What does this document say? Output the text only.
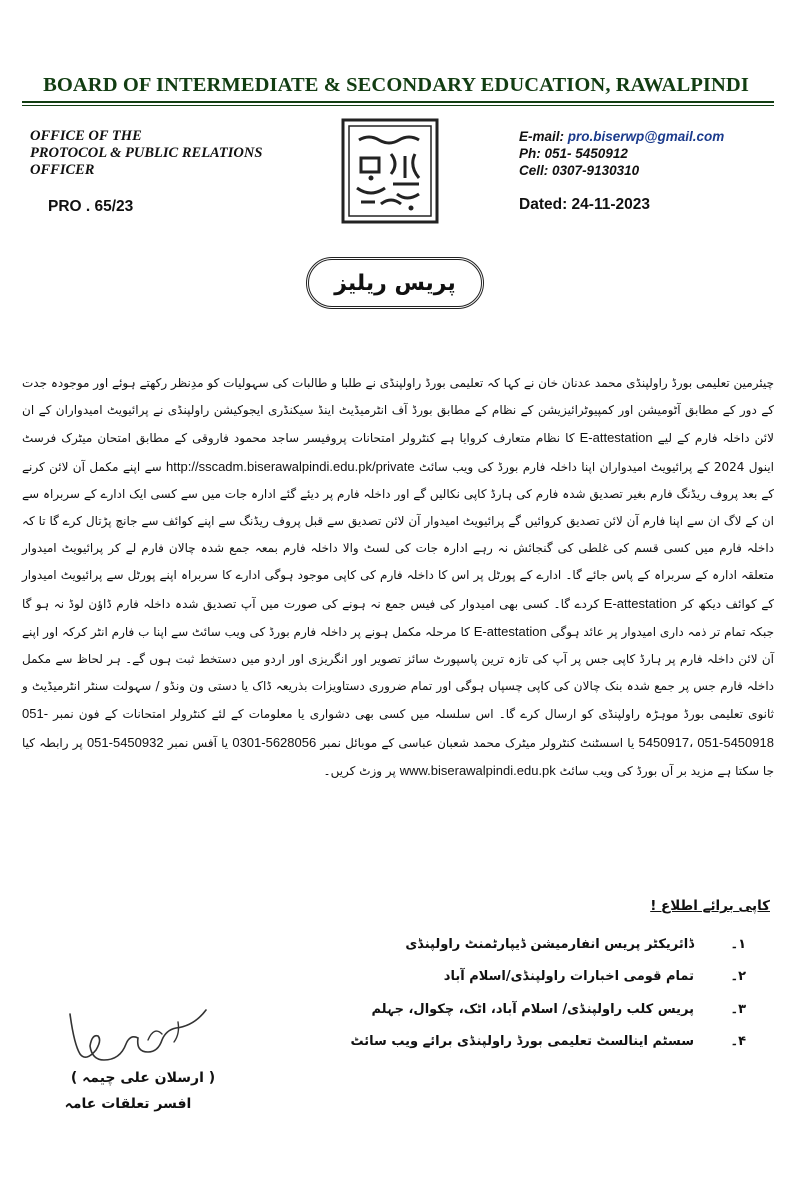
BOARD OF INTERMEDIATE & SECONDARY EDUCATION, RAWALPINDI
OFFICE OF THE
PROTOCOL & PUBLIC RELATIONS
OFFICER
PRO . 65/23
E-mail: pro.biserwp@gmail.com
Ph: 051- 5450912
Cell: 0307-9130310
Dated: 24-11-2023
پریس ریلیز
چیئرمین تعلیمی بورڈ راولپنڈی محمد عدنان خان نے کہا کہ تعلیمی بورڈ راولپنڈی نے طلبا و طالبات کی سہولیات کو مدِنظر رکھتے ہوئے اور موجودہ جدت کے دور کے مطابق آٹومیشن اور کمپیوٹرائیزیشن کے نظام کے مطابق بورڈ آف انٹرمیڈیٹ اینڈ سیکنڈری ایجوکیشن راولپنڈی نے پرائیویٹ امیدواران کے ان لائن داخلہ فارم کے لیے E-attestation کا نظام متعارف کروایا ہے کنٹرولر امتحانات پروفیسر ساجد محمود فاروقی کے مطابق امتحان میٹرک فرسٹ اینول 2024 کے پرائیویٹ امیدواران اپنا داخلہ فارم بورڈ کی ویب سائٹ http://sscadm.biserawalpindi.edu.pk/private سے اپنے مکمل آن لائن کرنے کے بعد پروف ریڈنگ فارم بغیر تصدیق شدہ فارم کی ہارڈ کاپی نکالیں گے اور داخلہ فارم پر دیئے گئے ادارہ جات میں سے کسی ایک ادارے کے سربراہ سے ان کے لاگ ان سے اپنا فارم آن لائن تصدیق کروائیں گے پرائیویٹ امیدوار آن لائن تصدیق سے قبل پروف ریڈنگ سے اپنے کوائف سے جانچ پڑتال کرے گا تا کہ داخلہ فارم میں کسی قسم کی غلطی کی گنجائش نہ رہے ادارہ جات کی لسٹ والا داخلہ فارم بمعہ جمع شدہ چالان فارم لے کر پرائیویٹ امیدوار متعلقہ ادارہ کے سربراہ کے پاس جائے گا۔ ادارے کے پورٹل پر اس کا داخلہ فارم کی کاپی موجود ہوگی ادارے کا سربراہ اپنے پورٹل سے پرائیویٹ امیدوار کے کوائف دیکھ کر E-attestation کردے گا۔ کسی بھی امیدوار کی فیس جمع نہ ہونے کی صورت میں آپ تصدیق شدہ داخلہ فارم ڈاؤن لوڈ نہ ہو گا جبکہ تمام تر ذمہ داری امیدوار پر عائد ہوگی E-attestation کا مرحلہ مکمل ہونے پر داخلہ فارم بورڈ کی ویب سائٹ سے اپنا ب فارم انٹر کرکہ اور اپنے آن لائن داخلہ فارم پر ہارڈ کاپی جس پر آپ کی تازہ ترین پاسپورٹ سائز تصویر اور انگریزی اور اردو میں دستخط ثبت ہوں گے۔ ہر لحاظ سے مکمل داخلہ فارم جس پر جمع شدہ بنک چالان کی کاپی چسپاں ہوگی اور تمام ضروری دستاویزات بذریعہ ڈاک یا دستی ون ونڈو / سہولت سنٹر انٹرمیڈیٹ و ثانوی تعلیمی بورڈ موہڑہ راولپنڈی کو ارسال کرے گا۔ اس سلسلہ میں کسی بھی دشواری یا معلومات کے لئے کنٹرولر امتحانات کے فون نمبر 051-5450917، 051-5450918 یا اسسٹنٹ کنٹرولر میٹرک محمد شعبان عباسی کے موبائل نمبر 0301-5628056 یا آفس نمبر 051-5450932 پر رابطہ کیا جا سکتا ہے مزید بر آں بورڈ کی ویب سائٹ www.biserawalpindi.edu.pk پر وزٹ کریں۔
کاپی برائے اطلاع !
۱۔
ڈائریکٹر پریس انفارمیشن ڈیپارٹمنٹ راولپنڈی
۲۔
تمام قومی اخبارات راولپنڈی/اسلام آباد
۳۔
پریس کلب راولپنڈی/ اسلام آباد، اٹک، چکوال، جہلم
۴۔
سسٹم اینالسٹ تعلیمی بورڈ راولپنڈی برائے ویب سائٹ
( ارسلان علی چیمہ )
افسر تعلقات عامہ
